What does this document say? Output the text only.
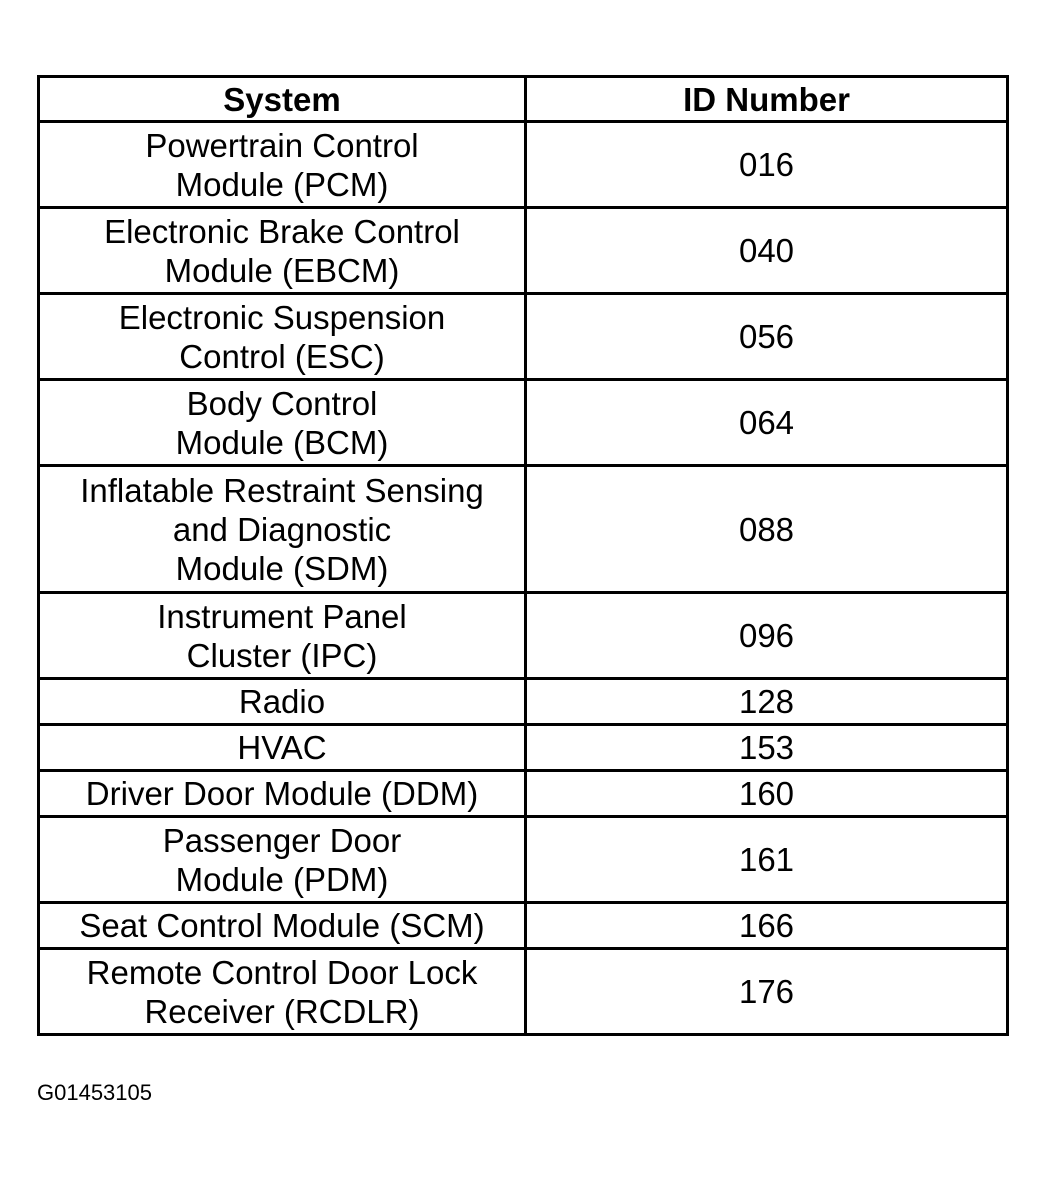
System	ID Number
Powertrain Control
Module (PCM)	016
Electronic Brake Control
Module (EBCM)	040
Electronic Suspension
Control (ESC)	056
Body Control
Module (BCM)	064
Inflatable Restraint Sensing
and Diagnostic
Module (SDM)	088
Instrument Panel
Cluster (IPC)	096
Radio	128
HVAC	153
Driver Door Module (DDM)	160
Passenger Door
Module (PDM)	161
Seat Control Module (SCM)	166
Remote Control Door Lock
Receiver (RCDLR)	176
G01453105
